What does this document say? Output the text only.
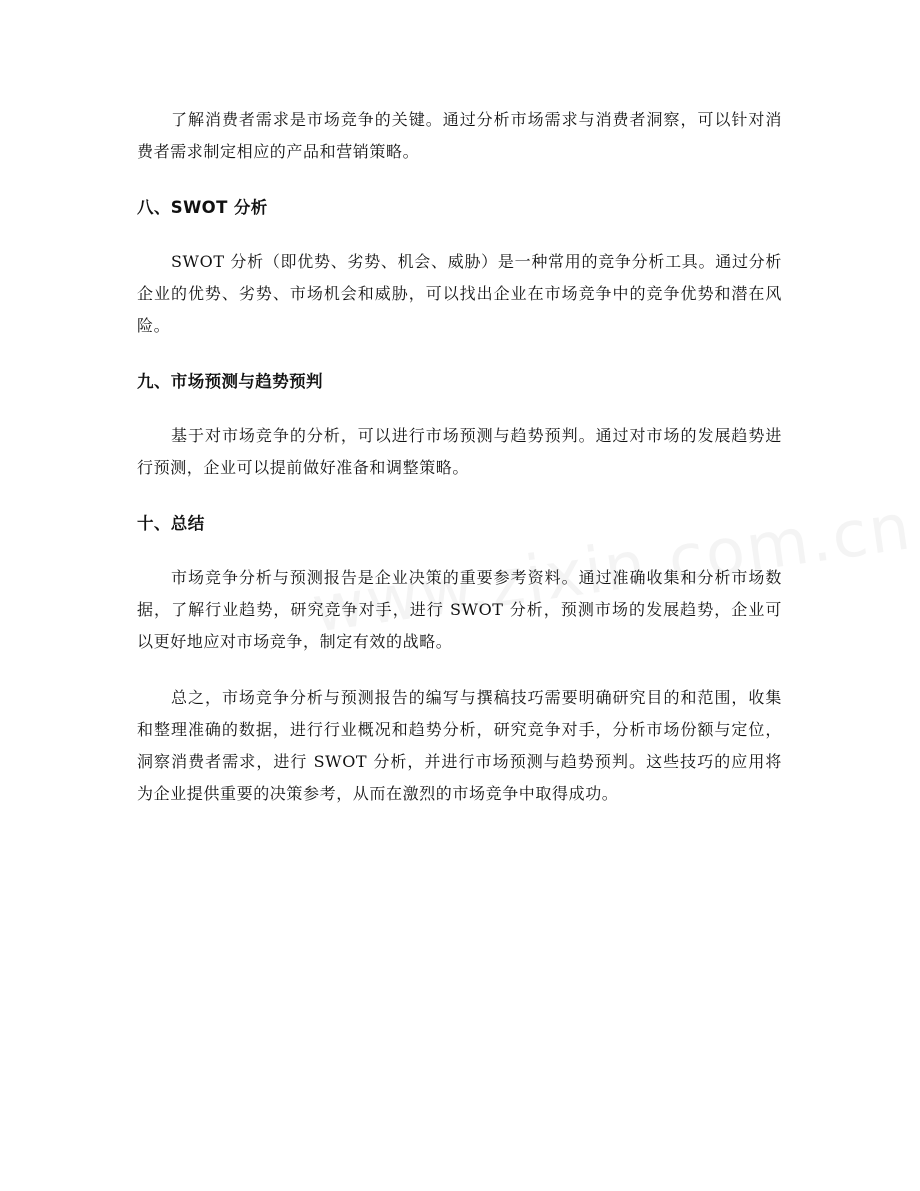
了解消费者需求是市场竞争的关键。通过分析市场需求与消费者洞察，可以针对消费者需求制定相应的产品和营销策略。

八、SWOT 分析

SWOT 分析（即优势、劣势、机会、威胁）是一种常用的竞争分析工具。通过分析企业的优势、劣势、市场机会和威胁，可以找出企业在市场竞争中的竞争优势和潜在风险。

九、市场预测与趋势预判

基于对市场竞争的分析，可以进行市场预测与趋势预判。通过对市场的发展趋势进行预测，企业可以提前做好准备和调整策略。

十、总结

市场竞争分析与预测报告是企业决策的重要参考资料。通过准确收集和分析市场数据，了解行业趋势，研究竞争对手，进行 SWOT 分析，预测市场的发展趋势，企业可以更好地应对市场竞争，制定有效的战略。

总之，市场竞争分析与预测报告的编写与撰稿技巧需要明确研究目的和范围，收集和整理准确的数据，进行行业概况和趋势分析，研究竞争对手，分析市场份额与定位，洞察消费者需求，进行 SWOT 分析，并进行市场预测与趋势预判。这些技巧的应用将为企业提供重要的决策参考，从而在激烈的市场竞争中取得成功。
